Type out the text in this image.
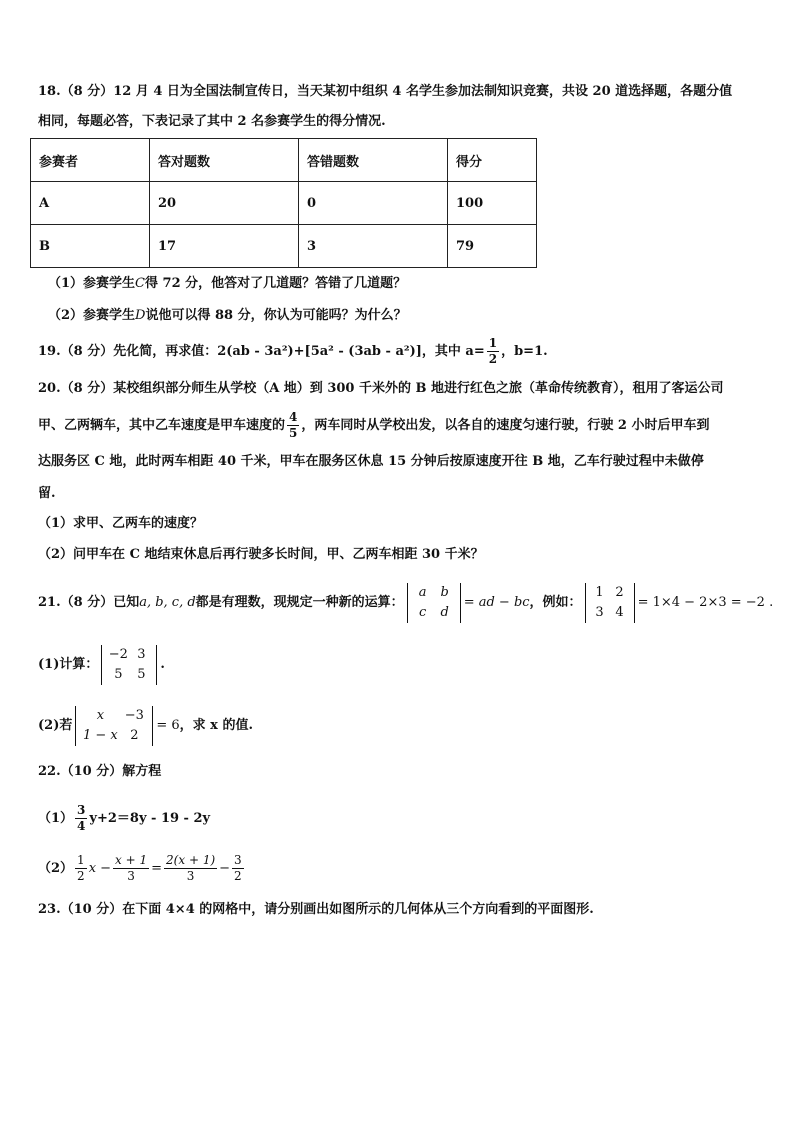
18.（8 分）12 月 4 日为全国法制宣传日，当天某初中组织 4 名学生参加法制知识竞赛，共设 20 道选择题，各题分值
相同，每题必答，下表记录了其中 2 名参赛学生的得分情况.
参赛者	答对题数	答错题数	得分
A	20	0	100
B	17	3	79
（1）参赛学生C得 72 分，他答对了几道题？答错了几道题？
（2）参赛学生D说他可以得 88 分，你认为可能吗？为什么？
19.（8 分）先化简，再求值：2(ab - 3a²)+[5a² - (3ab - a²)]，其中 $a= \frac{1}{2}$ ，b=1.
20.（8 分）某校组织部分师生从学校（A 地）到 300 千米外的 B 地进行红色之旅（革命传统教育），租用了客运公司
甲、乙两辆车，其中乙车速度是甲车速度的 $\frac{4}{5}$ ，两车同时从学校出发，以各自的速度匀速行驶，行驶 2 小时后甲车到
达服务区 C 地，此时两车相距 40 千米，甲车在服务区休息 15 分钟后按原速度开往 B 地，乙车行驶过程中未做停
留.
（1）求甲、乙两车的速度？
（2）问甲车在 C 地结束休息后再行驶多长时间，甲、乙两车相距 30 千米？
21.（8 分）已知a, b, c, d都是有理数，现规定一种新的运算：
a b
c d
= ad − bc，例如：
1 2
3 4
= 1×4 − 2×3 = −2 .
(1)计算：
−2 3
5 5
.
(2)若
x −3
1 − x 2
= 6，求 x 的值.
22.（10 分）解方程
$(1) \frac{3}{4} y+2=8y - 19 - 2y$
$(2) \frac{1}{2}$ $x - \frac{x + 1}{3} = \frac{2(x + 1)}{3} - \frac{3}{2}$
23.（10 分）在下面 4×4 的网格中，请分别画出如图所示的几何体从三个方向看到的平面图形.
